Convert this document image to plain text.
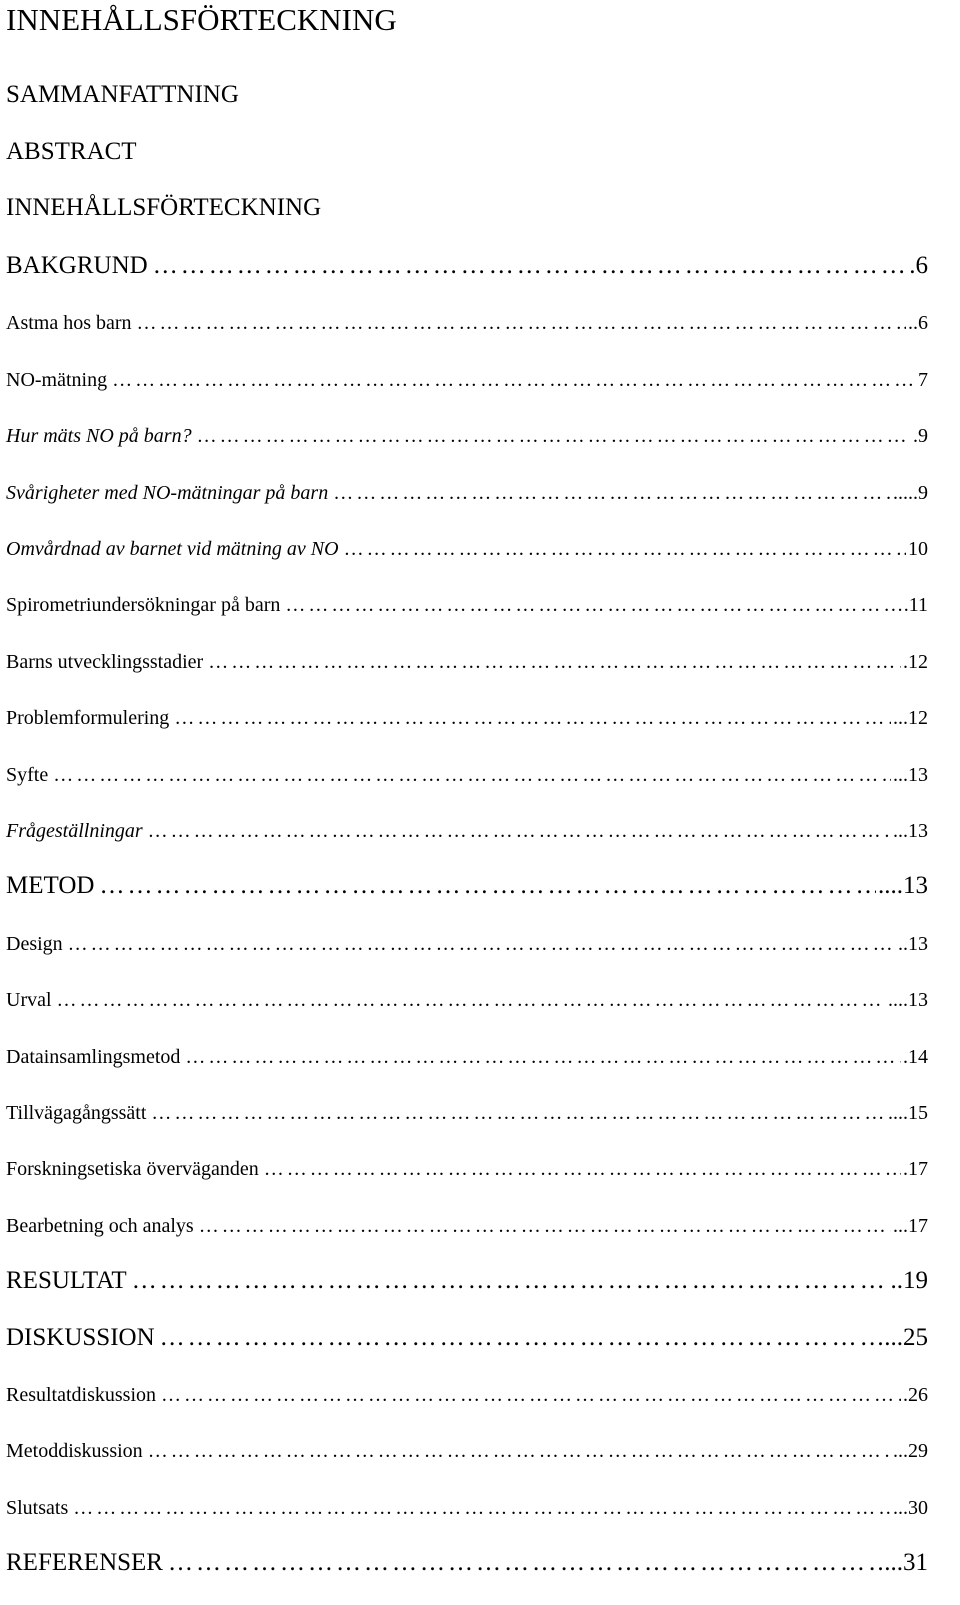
INNEHÅLLSFÖRTECKNING
SAMMANFATTNING
ABSTRACT
INNEHÅLLSFÖRTECKNING
BAKGRUND …………………………………………………………………………………………………………………………………………………………………………………………………………………………………………………………………………………………	.6
Astma hos barn …………………………………………………………………………………………………………………………………………………………………………………………………………………………………………………………………………………………	..6
NO-mätning …………………………………………………………………………………………………………………………………………………………………………………………………………………………………………………………………………………………	7
Hur mäts NO på barn? …………………………………………………………………………………………………………………………………………………………………………………………………………………………………………………………………………………………	.9
Svårigheter med NO-mätningar på barn …………………………………………………………………………………………………………………………………………………………………………………………………………………………………………………………………………………………	.....9
Omvårdnad av barnet vid mätning av NO …………………………………………………………………………………………………………………………………………………………………………………………………………………………………………………………………………………………	10
Spirometriundersökningar på barn …………………………………………………………………………………………………………………………………………………………………………………………………………………………………………………………………………………………	.11
Barns utvecklingsstadier …………………………………………………………………………………………………………………………………………………………………………………………………………………………………………………………………………………………	.12
Problemformulering …………………………………………………………………………………………………………………………………………………………………………………………………………………………………………………………………………………………	...12
Syfte …………………………………………………………………………………………………………………………………………………………………………………………………………………………………………………………………………………………	...13
Frågeställningar …………………………………………………………………………………………………………………………………………………………………………………………………………………………………………………………………………………………	...13
METOD …………………………………………………………………………………………………………………………………………………………………………………………………………………………………………………………………………………………	....13
Design …………………………………………………………………………………………………………………………………………………………………………………………………………………………………………………………………………………………	..13
Urval …………………………………………………………………………………………………………………………………………………………………………………………………………………………………………………………………………………………	....13
Datainsamlingsmetod …………………………………………………………………………………………………………………………………………………………………………………………………………………………………………………………………………………………	.14
Tillvägagångssätt …………………………………………………………………………………………………………………………………………………………………………………………………………………………………………………………………………………………	....15
Forskningsetiska överväganden …………………………………………………………………………………………………………………………………………………………………………………………………………………………………………………………………………………………	.17
Bearbetning och analys …………………………………………………………………………………………………………………………………………………………………………………………………………………………………………………………………………………………	...17
RESULTAT …………………………………………………………………………………………………………………………………………………………………………………………………………………………………………………………………………………………	..19
DISKUSSION …………………………………………………………………………………………………………………………………………………………………………………………………………………………………………………………………………………………	...25
Resultatdiskussion …………………………………………………………………………………………………………………………………………………………………………………………………………………………………………………………………………………………	.26
Metoddiskussion …………………………………………………………………………………………………………………………………………………………………………………………………………………………………………………………………………………………	...29
Slutsats …………………………………………………………………………………………………………………………………………………………………………………………………………………………………………………………………………………………	...30
REFERENSER …………………………………………………………………………………………………………………………………………………………………………………………………………………………………………………………………………………………	...31
